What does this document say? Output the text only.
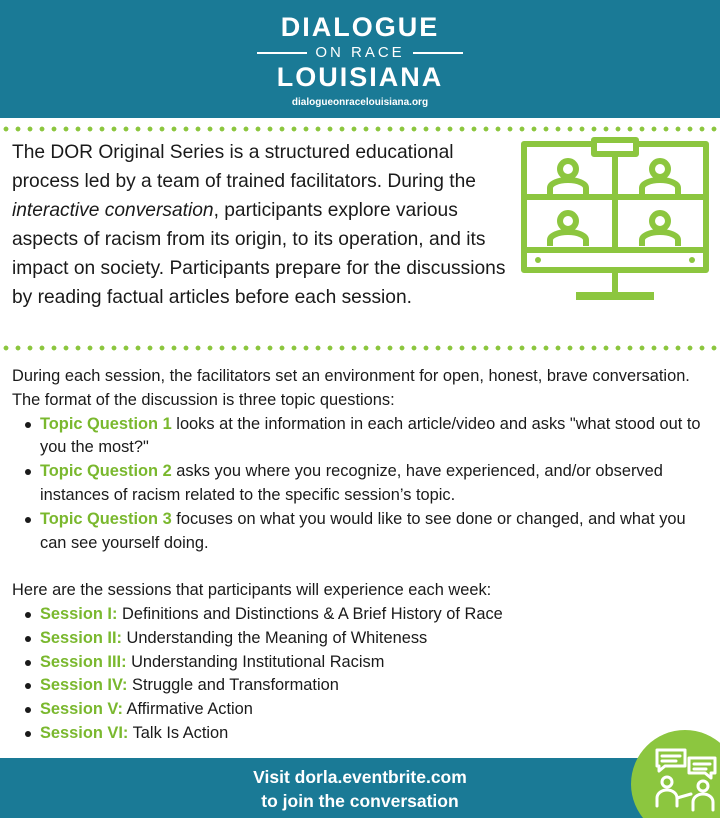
DIALOGUE
ON RACE
LOUISIANA
dialogueonracelouisiana.org
The DOR Original Series is a structured educational process led by a team of trained facilitators. During the interactive conversation, participants explore various aspects of racism from its origin, to its operation, and its impact on society. Participants prepare for the discussions by reading factual articles before each session.

During each session, the facilitators set an environment for open, honest, brave conversation. The format of the discussion is three topic questions:

Topic Question 1 looks at the information in each article/video and asks "what stood out to you the most?"
Topic Question 2 asks you where you recognize, have experienced, and/or observed instances of racism related to the specific session’s topic.
Topic Question 3 focuses on what you would like to see done or changed, and what you can see yourself doing.

Here are the sessions that participants will experience each week:

Session I: Definitions and Distinctions & A Brief History of Race
Session II: Understanding the Meaning of Whiteness
Session III: Understanding Institutional Racism
Session IV: Struggle and Transformation
Session V: Affirmative Action
Session VI: Talk Is Action
Visit dorla.eventbrite.com
to join the conversation
